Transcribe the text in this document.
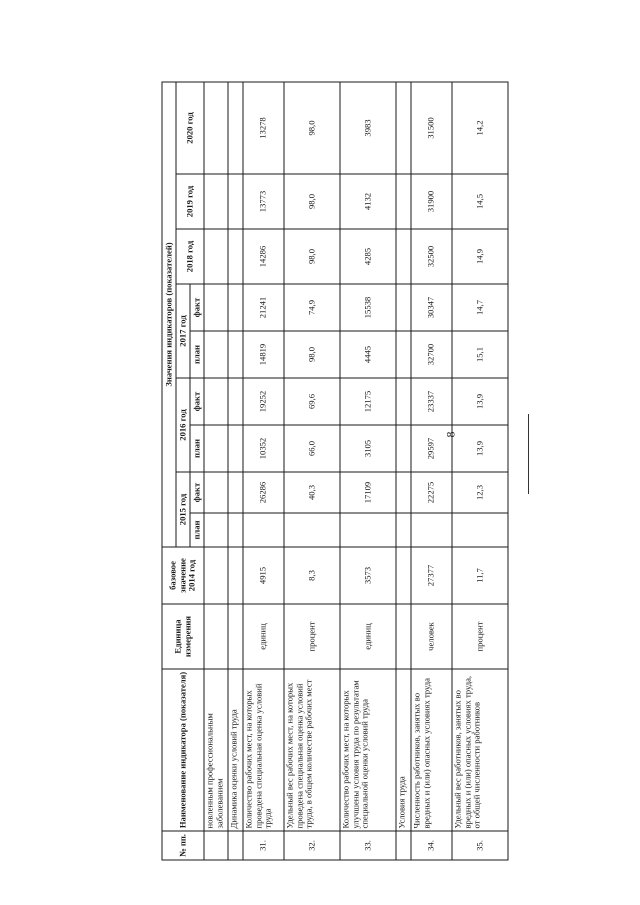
8
№ пп.	Наименование индикатора (показателя)	Единица измерения	базовое значение 2014 год	Значения индикаторов (показателей)								
				2015 год		2016 год		2017 год		2018 год	2019 год	2020 год
				план	факт	план	факт	план	факт			
	новленным профессиональным заболеванием											
	Динамика оценки условий труда											
31.	Количество рабочих мест, на которых проведена специальная оценка условий труда	единиц	4915		26286	10352	19252	14819	21241	14286	13773	13278
32.	Удельный вес рабочих мест, на которых проведена специальная оценка условий труда, в общем количестве рабочих мест	процент	8,3		40,3	66,0	69,6	98,0	74,9	98,0	98,0	98,0
33.	Количество рабочих мест, на которых улучшены условия труда по результатам специальной оценки условий труда	единиц	3573		17109	3105	12175	4445	15538	4285	4132	3983
	Условия труда											
34.	Численность работников, занятых во вредных и (или) опасных условиях труда	человек	27377		22275	29597	23337	32700	30347	32500	31900	31500
35.	Удельный вес работников, занятых во вредных и (или) опасных условиях труда, от общей численности работников	процент	11,7		12,3	13,9	13,9	15,1	14,7	14,9	14,5	14,2
